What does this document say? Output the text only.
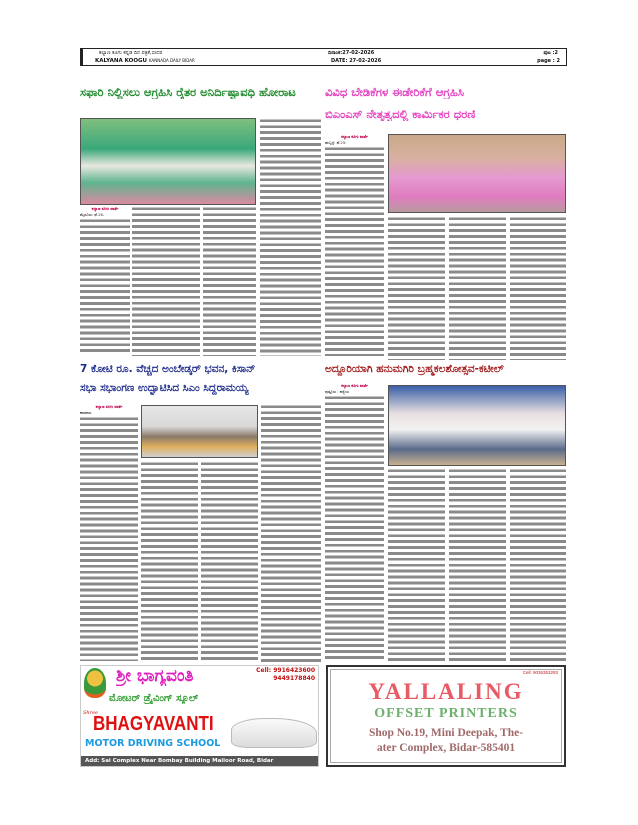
ಕಲ್ಯಾಣ ಕೂಗು ಕನ್ನಡ ದಿನ ಪತ್ರಿಕೆ,ಬೀದರ
KALYANA KOOGU KANNADA DAILY BIDAR
ದಿನಾಂಕ:27-02-2026
DATE: 27-02-2026
ಪುಟ :2
page : 2
ಸಫಾರಿ ನಿಲ್ಲಿಸಲು ಆಗ್ರಹಿಸಿ ರೈತರ ಅನಿರ್ದಿಷ್ಟಾವಧಿ ಹೋರಾಟ
ಕಲ್ಯಾಣ ಕೂಗು ವಾರ್ತೆ
ಮೈಸೂರು: ಫೆ.26-
ವಿವಿಧ ಬೇಡಿಕೆಗಳ ಈಡೇರಿಕೆಗೆ ಆಗ್ರಹಿಸಿ
ಬಿಎಂಎಸ್ ನೇತೃತ್ವದಲ್ಲಿ ಕಾರ್ಮಿಕರ ಧರಣಿ
ಕಲ್ಯಾಣ ಕೂಗು ವಾರ್ತೆ
ಹುಬ್ಬಳ್ಳಿ: ಫೆ.25:
7 ಕೋಟಿ ರೂ. ವೆಚ್ಚದ ಅಂಬೇಡ್ಕರ್ ಭವನ, ಕಿಸಾನ್
ಸಭಾ ಸಭಾಂಗಣ ಉದ್ಘಾಟಿಸಿದ ಸಿಎಂ ಸಿದ್ದರಾಮಯ್ಯ
ಕಲ್ಯಾಣ ಕೂಗು ವಾರ್ತೆ
ಕಾರವಾರ-
ಅದ್ದೂರಿಯಾಗಿ ಹನುಮಗಿರಿ ಬ್ರಹ್ಮಕಲಶೋತ್ಸವ-ಕಟೀಲ್
ಕಲ್ಯಾಣ ಕೂಗು ವಾರ್ತೆ
ಪುತ್ತೂರು : ಪಠ್ಯೆಯ
ಶ್ರೀ ಭಾಗ್ಯವಂತಿ	Cell: 9916423600
9449178840
ಮೋಟರ್ ಡ್ರೈವಿಂಗ್ ಸ್ಕೂಲ್
Shree
BHAGYAVANTI
MOTOR DRIVING SCHOOL
Add: Sai Complex Near Bombay Building Mailoor Road, Bidar
Cell: 9036353293
YALLALING
OFFSET PRINTERS
Shop No.19, Mini Deepak, The-
ater Complex, Bidar-585401
